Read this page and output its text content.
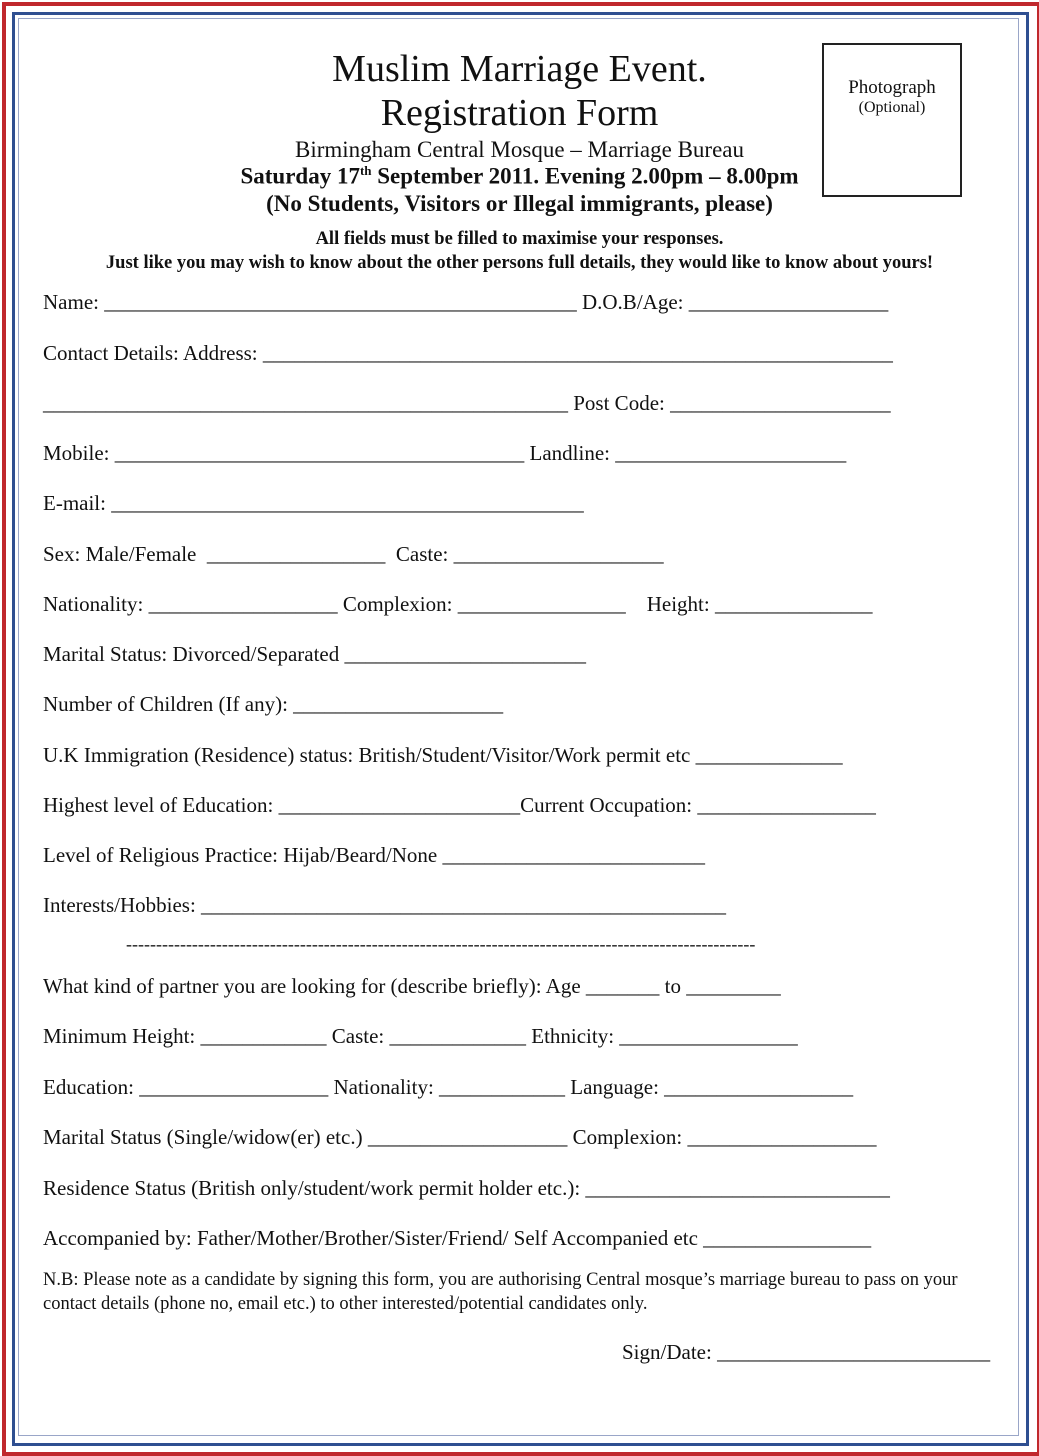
Muslim Marriage Event.
Registration Form
Birmingham Central Mosque – Marriage Bureau
Saturday 17th September 2011. Evening 2.00pm – 8.00pm
(No Students, Visitors or Illegal immigrants, please)
All fields must be filled to maximise your responses.
Just like you may wish to know about the other persons full details, they would like to know about yours!
Photograph
(Optional)
Name: _____________________________________________ D.O.B/Age: ___________________
Contact Details: Address: ____________________________________________________________
__________________________________________________ Post Code: _____________________
Mobile: _______________________________________ Landline: ______________________
E-mail: _____________________________________________
Sex: Male/Female  _________________  Caste: ____________________
Nationality: __________________ Complexion: ________________    Height: _______________
Marital Status: Divorced/Separated _______________________
Number of Children (If any): ____________________
U.K Immigration (Residence) status: British/Student/Visitor/Work permit etc ______________
Highest level of Education: _______________________Current Occupation: _________________
Level of Religious Practice: Hijab/Beard/None _________________________
Interests/Hobbies: __________________________________________________
---------------------------------------------------------------------------------------------------------
What kind of partner you are looking for (describe briefly): Age _______ to _________
Minimum Height: ____________ Caste: _____________ Ethnicity: _________________
Education: __________________ Nationality: ____________ Language: __________________
Marital Status (Single/widow(er) etc.) ___________________ Complexion: __________________
Residence Status (British only/student/work permit holder etc.): _____________________________
Accompanied by: Father/Mother/Brother/Sister/Friend/ Self Accompanied etc ________________
N.B: Please note as a candidate by signing this form, you are authorising Central mosque’s marriage bureau to pass on your contact details (phone no, email etc.) to other interested/potential candidates only.
Sign/Date: __________________________
